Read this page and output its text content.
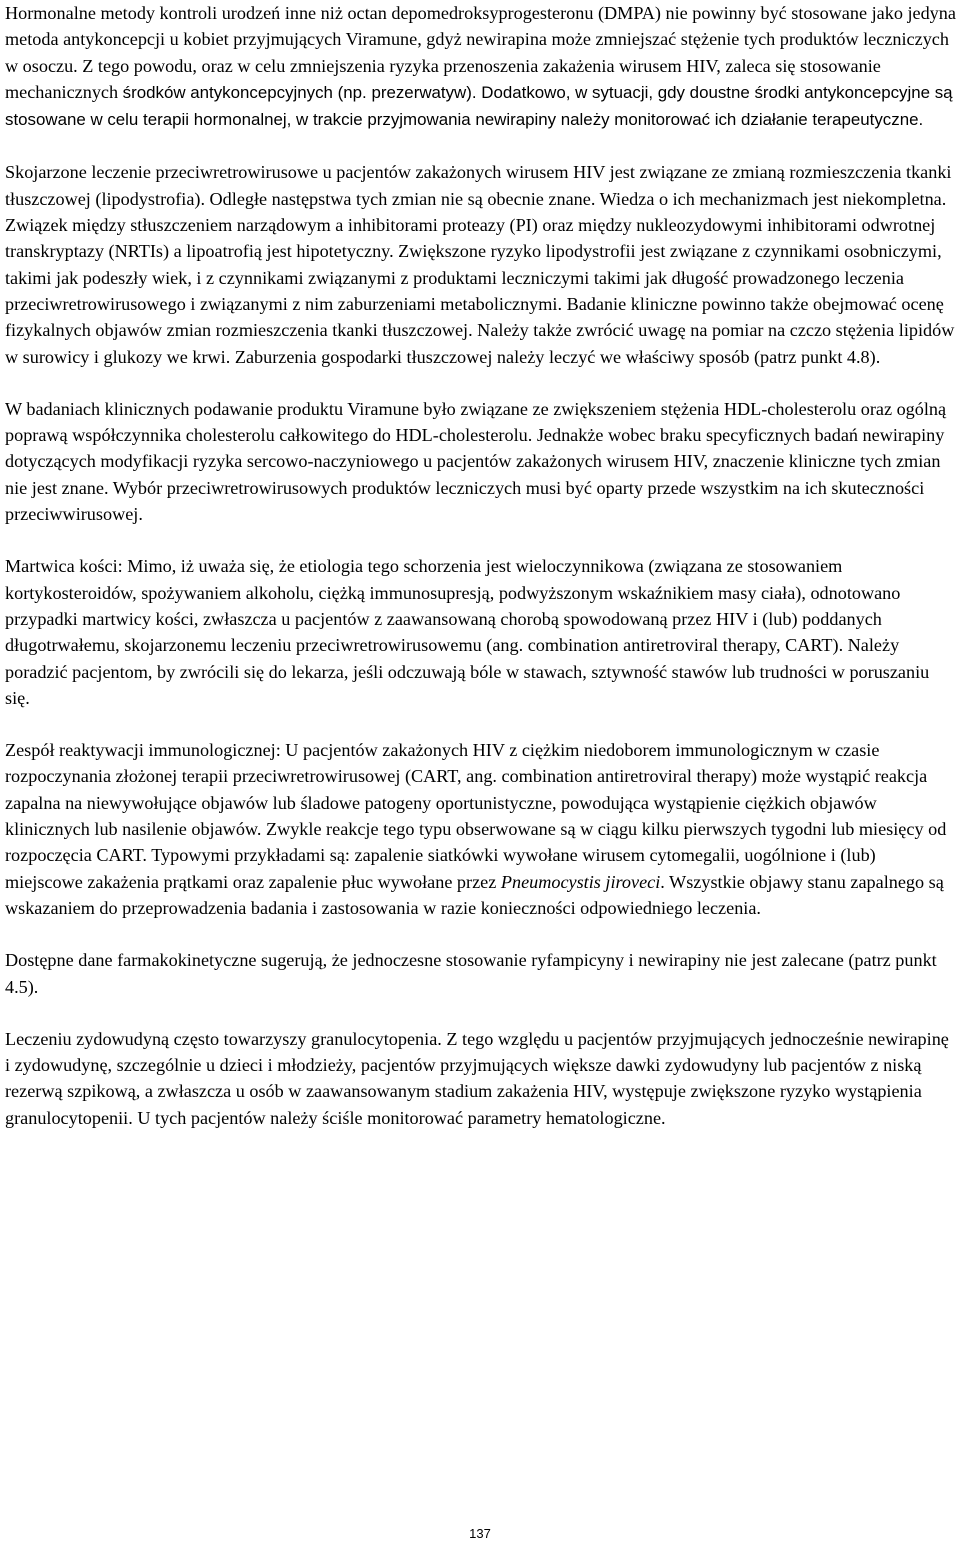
Hormonalne metody kontroli urodzeń inne niż octan depomedroksyprogesteronu (DMPA) nie powinny być stosowane jako jedyna metoda antykoncepcji u kobiet przyjmujących Viramune, gdyż newirapina może zmniejszać stężenie tych produktów leczniczych w osoczu. Z tego powodu, oraz w celu zmniejszenia ryzyka przenoszenia zakażenia wirusem HIV, zaleca się stosowanie mechanicznych środków antykoncepcyjnych (np. prezerwatyw). Dodatkowo, w sytuacji, gdy doustne środki antykoncepcyjne są stosowane w celu terapii hormonalnej, w trakcie przyjmowania newirapiny należy monitorować ich działanie terapeutyczne.

Skojarzone leczenie przeciwretrowirusowe u pacjentów zakażonych wirusem HIV jest związane ze zmianą rozmieszczenia tkanki tłuszczowej (lipodystrofia). Odległe następstwa tych zmian nie są obecnie znane. Wiedza o ich mechanizmach jest niekompletna. Związek między stłuszczeniem narządowym a inhibitorami proteazy (PI) oraz między nukleozydowymi inhibitorami odwrotnej transkryptazy (NRTIs) a lipoatrofią jest hipotetyczny. Zwiększone ryzyko lipodystrofii jest związane z czynnikami osobniczymi, takimi jak podeszły wiek, i z czynnikami związanymi z produktami leczniczymi takimi jak długość prowadzonego leczenia przeciwretrowirusowego i związanymi z nim zaburzeniami metabolicznymi. Badanie kliniczne powinno także obejmować ocenę fizykalnych objawów zmian rozmieszczenia tkanki tłuszczowej. Należy także zwrócić uwagę na pomiar na czczo stężenia lipidów w surowicy i glukozy we krwi. Zaburzenia gospodarki tłuszczowej należy leczyć we właściwy sposób (patrz punkt 4.8).

W badaniach klinicznych podawanie produktu Viramune było związane ze zwiększeniem stężenia HDL-cholesterolu oraz ogólną poprawą współczynnika cholesterolu całkowitego do HDL-cholesterolu. Jednakże wobec braku specyficznych badań newirapiny dotyczących modyfikacji ryzyka sercowo-naczyniowego u pacjentów zakażonych wirusem HIV, znaczenie kliniczne tych zmian nie jest znane. Wybór przeciwretrowirusowych produktów leczniczych musi być oparty przede wszystkim na ich skuteczności przeciwwirusowej.

Martwica kości: Mimo, iż uważa się, że etiologia tego schorzenia jest wieloczynnikowa (związana ze stosowaniem kortykosteroidów, spożywaniem alkoholu, ciężką immunosupresją, podwyższonym wskaźnikiem masy ciała), odnotowano przypadki martwicy kości, zwłaszcza u pacjentów z zaawansowaną chorobą spowodowaną przez HIV i (lub) poddanych długotrwałemu, skojarzonemu leczeniu przeciwretrowirusowemu (ang. combination antiretroviral therapy, CART). Należy poradzić pacjentom, by zwrócili się do lekarza, jeśli odczuwają bóle w stawach, sztywność stawów lub trudności w poruszaniu się.

Zespół reaktywacji immunologicznej: U pacjentów zakażonych HIV z ciężkim niedoborem immunologicznym w czasie rozpoczynania złożonej terapii przeciwretrowirusowej (CART, ang. combination antiretroviral therapy) może wystąpić reakcja zapalna na niewywołujące objawów lub śladowe patogeny oportunistyczne, powodująca wystąpienie ciężkich objawów klinicznych lub nasilenie objawów. Zwykle reakcje tego typu obserwowane są w ciągu kilku pierwszych tygodni lub miesięcy od rozpoczęcia CART. Typowymi przykładami są: zapalenie siatkówki wywołane wirusem cytomegalii, uogólnione i (lub) miejscowe zakażenia prątkami oraz zapalenie płuc wywołane przez Pneumocystis jiroveci. Wszystkie objawy stanu zapalnego są wskazaniem do przeprowadzenia badania i zastosowania w razie konieczności odpowiedniego leczenia.

Dostępne dane farmakokinetyczne sugerują, że jednoczesne stosowanie ryfampicyny i newirapiny nie jest zalecane (patrz punkt 4.5).

Leczeniu zydowudyną często towarzyszy granulocytopenia. Z tego względu u pacjentów przyjmujących jednocześnie newirapinę i zydowudynę, szczególnie u dzieci i młodzieży, pacjentów przyjmujących większe dawki zydowudyny lub pacjentów z niską rezerwą szpikową, a zwłaszcza u osób w zaawansowanym stadium zakażenia HIV, występuje zwiększone ryzyko wystąpienia granulocytopenii. U tych pacjentów należy ściśle monitorować parametry hematologiczne.

137
